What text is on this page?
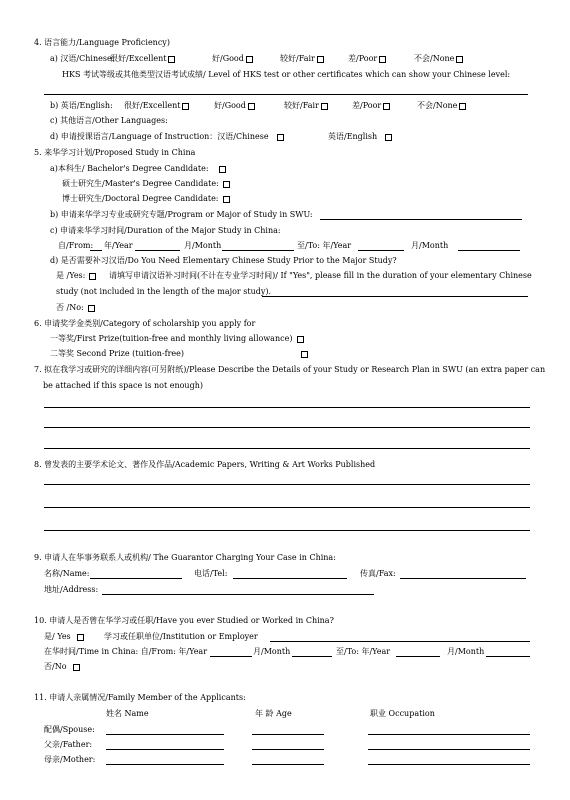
4. 语言能力/Language Proficiency)
a) 汉语/Chinese:
很好/Excellent	好/Good	较好/Fair	差/Poor	不会/None
HKS 考试等级或其他类型汉语考试成绩/ Level of HKS test or other certificates which can show your Chinese level:
b) 英语/English: 很好/Excellent	好/Good	较好/Fair	差/Poor	不会/None
c) 其他语言/Other Languages:
d) 申请授课语言/Language of Instruction：汉语/Chinese	英语/English
5. 来华学习计划/Proposed Study in China
a)本科生/ Bachelor's Degree Candidate:
硕士研究生/Master's Degree Candidate:
博士研究生/Doctoral Degree Candidate:
b) 申请来华学习专业或研究专题/Program or Major of Study in SWU:
c) 申请来华学习时间/Duration of the Major Study in China:
自/From: 年/Year	月/Month	至/To: 年/Year	月/Month
d) 是否需要补习汉语/Do You Need Elementary Chinese Study Prior to the Major Study?
是 /Yes:	请填写申请汉语补习时间(不计在专业学习时间)/ If "Yes", please fill in the duration of your elementary Chinese
study (not included in the length of the major study).
否 /No:
6. 申请奖学金类别/Category of scholarship you apply for
一等奖/First Prize(tuition-free and monthly living allowance)
二等奖 Second Prize (tuition-free)
7. 拟在我学习或研究的详细内容(可另附纸)/Please Describe the Details of your Study or Research Plan in SWU (an extra paper can
be attached if this space is not enough)
8. 曾发表的主要学术论文、著作及作品/Academic Papers, Writing & Art Works Published
9. 申请人在华事务联系人或机构/ The Guarantor Charging Your Case in China:
名称/Name:	电话/Tel:	传真/Fax:
地址/Address:
10. 申请人是否曾在华学习或任职/Have you ever Studied or Worked in China?
是/ Yes	学习或任职单位/Institution or Employer
在华时间/Time in China: 自/From: 年/Year	月/Month	至/To: 年/Year	月/Month
否/No
11. 申请人亲属情况/Family Member of the Applicants:
姓名 Name	年 龄 Age	职业 Occupation
配偶/Spouse:
父亲/Father:
母亲/Mother:
